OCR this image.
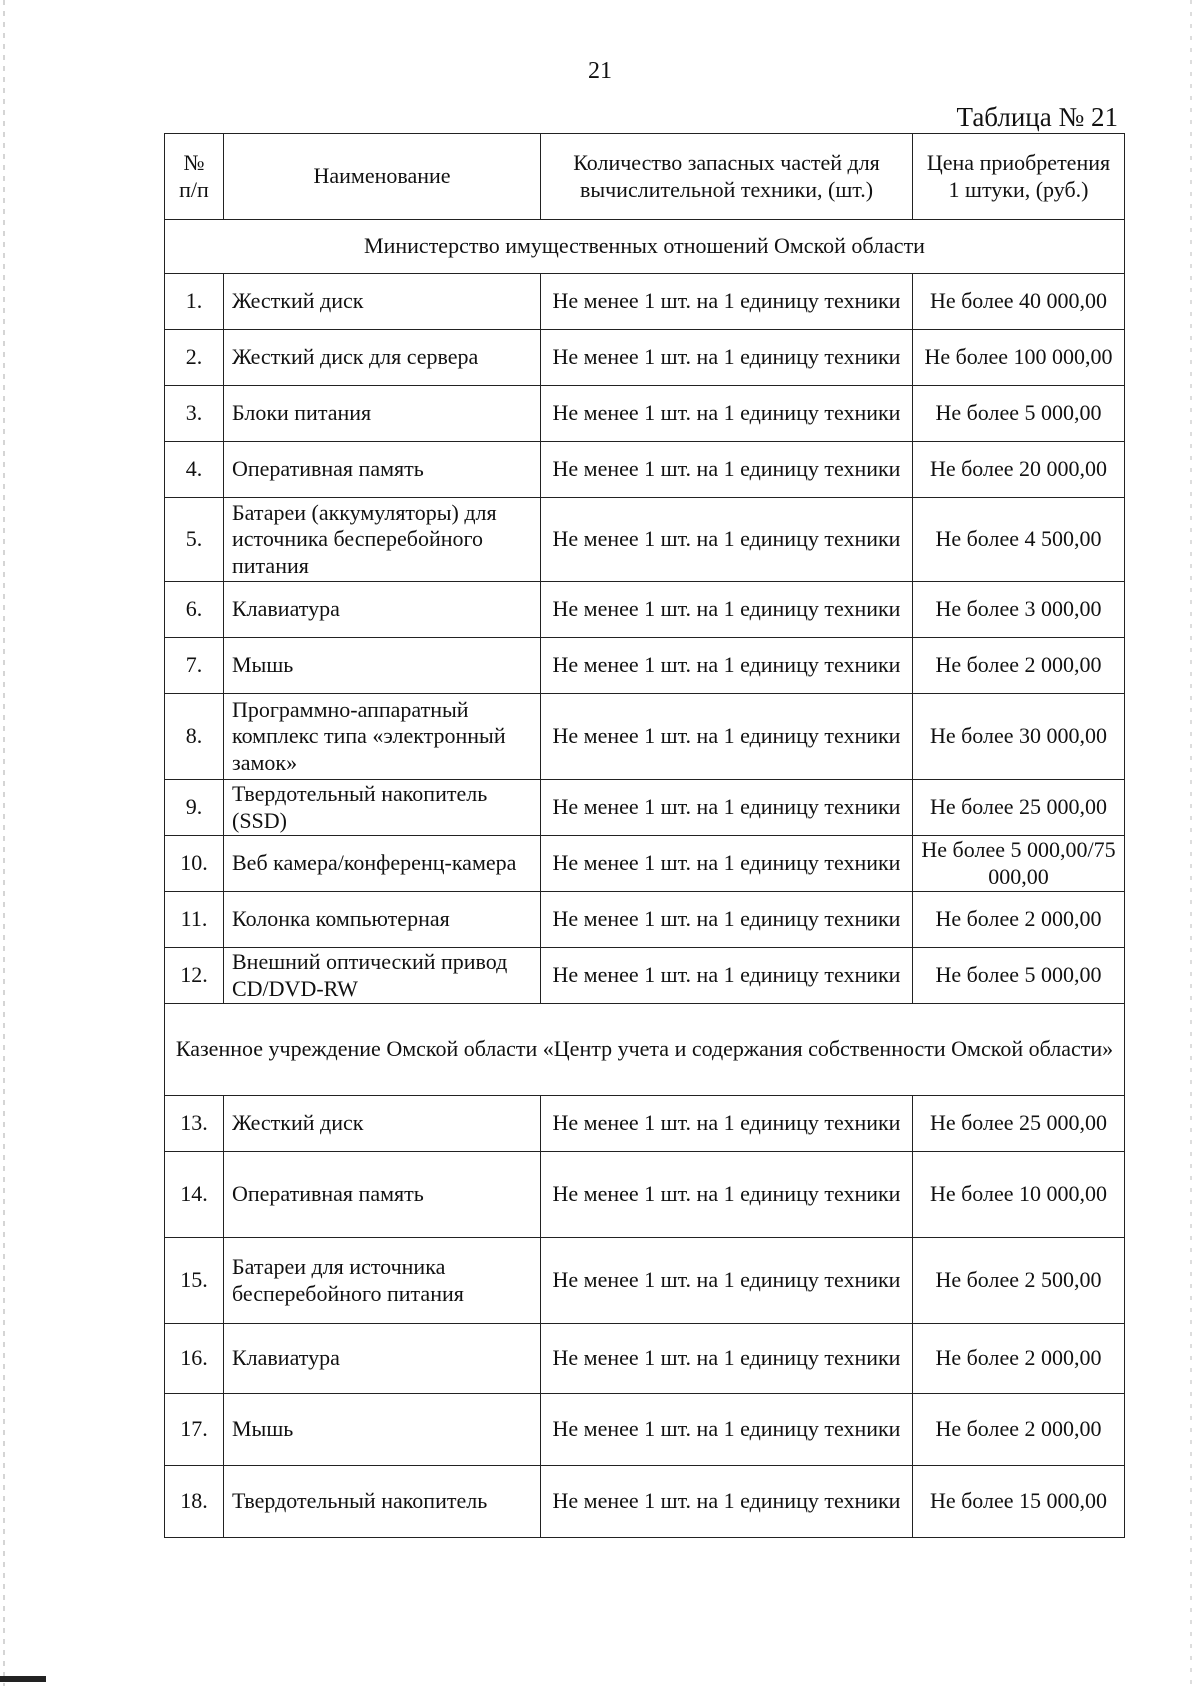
21
Таблица № 21
№ п/п	Наименование	Количество запасных частей для вычислительной техники, (шт.)	Цена приобретения 1 штуки, (руб.)
Министерство имущественных отношений Омской области			
1.	Жесткий диск	Не менее 1 шт. на 1 единицу техники	Не более 40 000,00
2.	Жесткий диск для сервера	Не менее 1 шт. на 1 единицу техники	Не более 100 000,00
3.	Блоки питания	Не менее 1 шт. на 1 единицу техники	Не более 5 000,00
4.	Оперативная память	Не менее 1 шт. на 1 единицу техники	Не более 20 000,00
5.	Батареи (аккумуляторы) для источника бесперебойного питания	Не менее 1 шт. на 1 единицу техники	Не более 4 500,00
6.	Клавиатура	Не менее 1 шт. на 1 единицу техники	Не более 3 000,00
7.	Мышь	Не менее 1 шт. на 1 единицу техники	Не более 2 000,00
8.	Программно-аппаратный комплекс типа «электронный замок»	Не менее 1 шт. на 1 единицу техники	Не более 30 000,00
9.	Твердотельный накопитель (SSD)	Не менее 1 шт. на 1 единицу техники	Не более 25 000,00
10.	Веб камера/конференц-камера	Не менее 1 шт. на 1 единицу техники	Не более 5 000,00/75 000,00
11.	Колонка компьютерная	Не менее 1 шт. на 1 единицу техники	Не более 2 000,00
12.	Внешний оптический привод CD/DVD-RW	Не менее 1 шт. на 1 единицу техники	Не более 5 000,00
Казенное учреждение Омской области «Центр учета и содержания собственности Омской области»			
13.	Жесткий диск	Не менее 1 шт. на 1 единицу техники	Не более 25 000,00
14.	Оперативная память	Не менее 1 шт. на 1 единицу техники	Не более 10 000,00
15.	Батареи для источника бесперебойного питания	Не менее 1 шт. на 1 единицу техники	Не более 2 500,00
16.	Клавиатура	Не менее 1 шт. на 1 единицу техники	Не более 2 000,00
17.	Мышь	Не менее 1 шт. на 1 единицу техники	Не более 2 000,00
18.	Твердотельный накопитель	Не менее 1 шт. на 1 единицу техники	Не более 15 000,00
